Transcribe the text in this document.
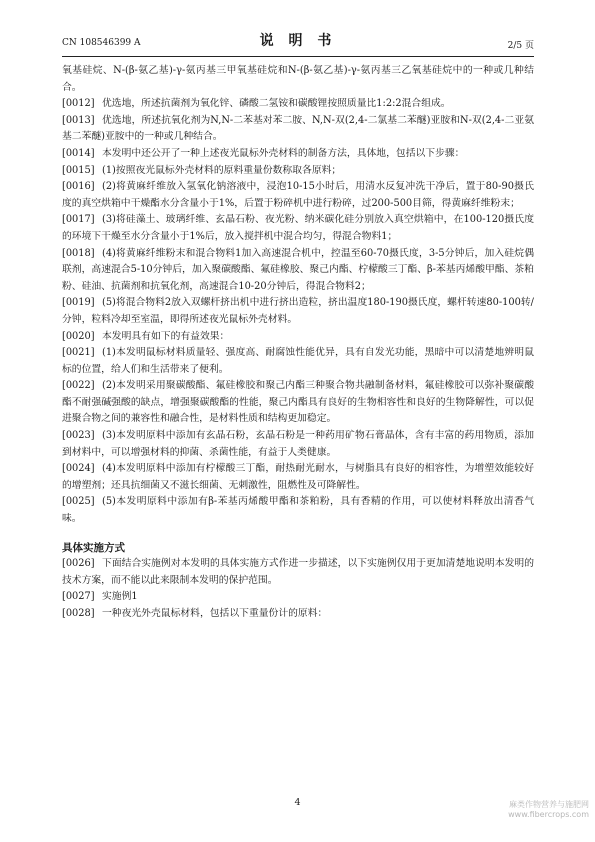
CN 108546399 A	说 明 书	2/5 页

氧基硅烷、N-(β-氨乙基)-γ-氨丙基三甲氧基硅烷和N-(β-氨乙基)-γ-氨丙基三乙氧基硅烷中的一种或几种结合。

[0012] 优选地，所述抗菌剂为氧化锌、磷酸二氢铵和碳酸锂按照质量比1:2:2混合组成。

[0013] 优选地，所述抗氧化剂为N,N-二苯基对苯二胺、N,N-双(2,4-二氯基二苯醚)亚胺和N-双(2,4-二亚氨基二苯醚)亚胺中的一种或几种结合。

[0014] 本发明中还公开了一种上述夜光鼠标外壳材料的制备方法，具体地，包括以下步骤：

[0015] (1)按照夜光鼠标外壳材料的原料重量份数称取各原料；

[0016] (2)将黄麻纤维放入氢氧化钠溶液中，浸泡10-15小时后，用清水反复冲洗干净后，置于80-90摄氏度的真空烘箱中干燥酯水分含量小于1%，后置于粉碎机中进行粉碎，过200-500目筛，得黄麻纤维粉末；

[0017] (3)将硅藻土、玻璃纤维、玄晶石粉、夜光粉、纳米碳化硅分别放入真空烘箱中，在100-120摄氏度的环境下干燥至水分含量小于1%后，放入搅拌机中混合均匀，得混合物料1；

[0018] (4)将黄麻纤维粉末和混合物料1加入高速混合机中，控温至60-70摄氏度，3-5分钟后，加入硅烷偶联剂，高速混合5-10分钟后，加入聚碳酸酯、氟硅橡胶、聚己内酯、柠檬酸三丁酯、β-苯基丙烯酸甲酯、茶粕粉、硅油、抗菌剂和抗氧化剂，高速混合10-20分钟后，得混合物料2；

[0019] (5)将混合物料2放入双螺杆挤出机中进行挤出造粒，挤出温度180-190摄氏度，螺杆转速80-100转/分钟，粒料冷却至室温，即得所述夜光鼠标外壳材料。

[0020] 本发明具有如下的有益效果：

[0021] (1)本发明鼠标材料质量轻、强度高、耐腐蚀性能优异，具有自发光功能，黑暗中可以清楚地辨明鼠标的位置，给人们和生活带来了便利。

[0022] (2)本发明采用聚碳酸酯、氟硅橡胶和聚己内酯三种聚合物共融制备材料，氟硅橡胶可以弥补聚碳酸酯不耐强碱强酸的缺点，增强聚碳酸酯的性能，聚己内酯具有良好的生物相容性和良好的生物降解性，可以促进聚合物之间的兼容性和融合性，是材料性质和结构更加稳定。

[0023] (3)本发明原料中添加有玄晶石粉，玄晶石粉是一种药用矿物石膏晶体，含有丰富的药用物质，添加到材料中，可以增强材料的抑菌、杀菌性能，有益于人类健康。

[0024] (4)本发明原料中添加有柠檬酸三丁酯，耐热耐光耐水，与树脂具有良好的相容性，为增塑效能较好的增塑剂；还具抗细菌又不滋长细菌、无刺激性，阻燃性及可降解性。

[0025] (5)本发明原料中添加有β-苯基丙烯酸甲酯和茶粕粉，具有香精的作用，可以使材料释放出清香气味。

具体实施方式

[0026] 下面结合实施例对本发明的具体实施方式作进一步描述，以下实施例仅用于更加清楚地说明本发明的技术方案，而不能以此来限制本发明的保护范围。

[0027] 实施例1

[0028] 一种夜光外壳鼠标材料，包括以下重量份计的原料：

4	麻类作物营养与施肥网
www.fibercrops.com
